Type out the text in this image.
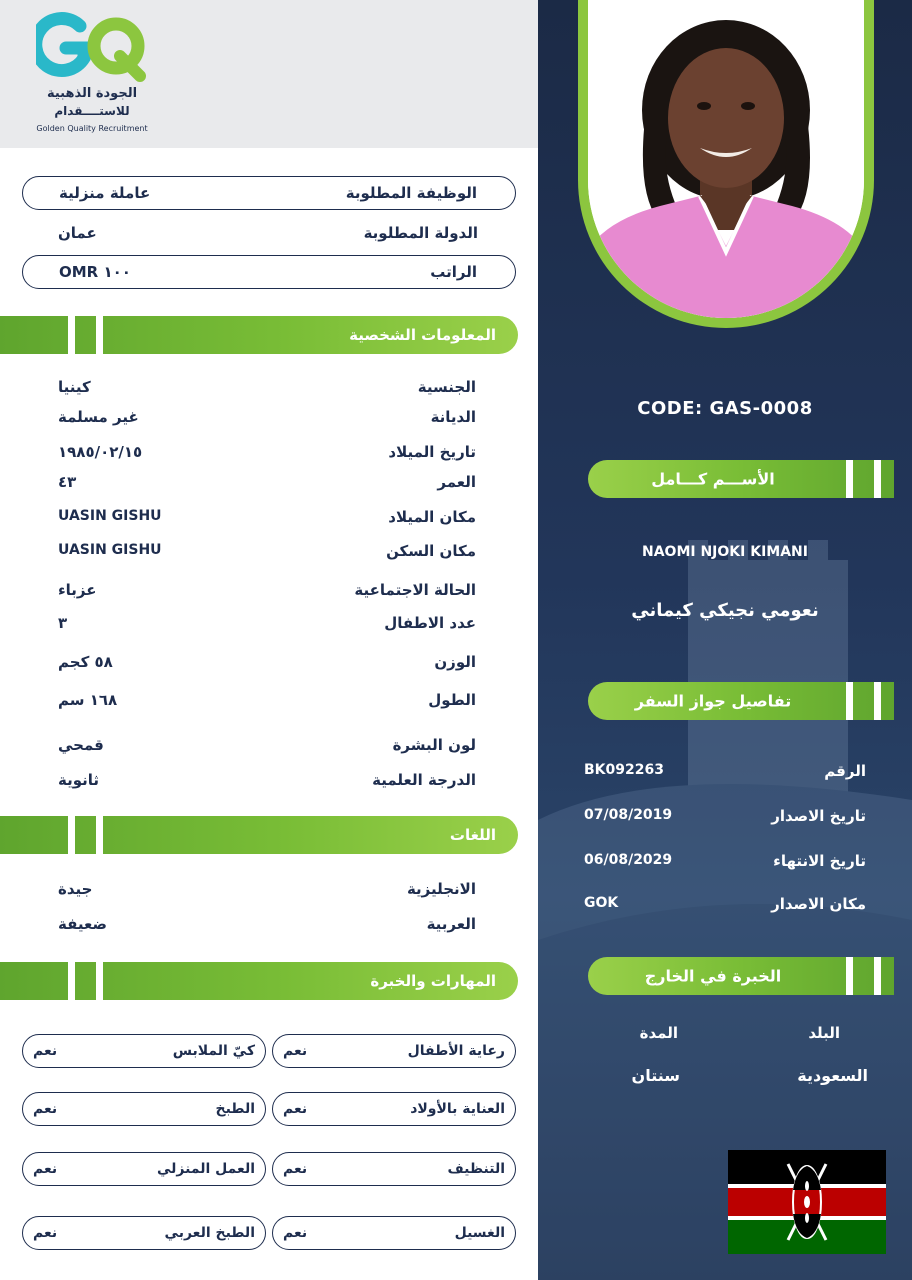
الجودة الذهبية
للاستــــقدام
Golden Quality Recruitment
الوظيفة المطلوبة
عاملة منزلية
الدولة المطلوبة
عمان
الراتب
OMR ١٠٠
المعلومات الشخصية
الجنسية
كينيا
الديانة
غير مسلمة
تاريخ الميلاد
١٩٨٥/٠٢/١٥
العمر
٤٣
مكان الميلاد
UASIN GISHU
مكان السكن
UASIN GISHU
الحالة الاجتماعية
عزباء
عدد الاطفال
٣
الوزن
٥٨ كجم
الطول
١٦٨ سم
لون البشرة
قمحي
الدرجة العلمية
ثانوية
اللغات
الانجليزية
جيدة
العربية
ضعيفة
المهارات والخبرة
رعاية الأطفال
نعم
كيّ الملابس
نعم
العناية بالأولاد
نعم
الطبخ
نعم
التنظيف
نعم
العمل المنزلي
نعم
الغسيل
نعم
الطبخ العربي
نعم
CODE: GAS-0008
الأســـم كـــامل
NAOMI NJOKI KIMANI
نعومي نجيكي كيماني
تفاصيل جواز السفر
الرقم
BK092263
تاريخ الاصدار
07/08/2019
تاريخ الانتهاء
06/08/2029
مكان الاصدار
GOK
الخبرة في الخارج
البلد
المدة
السعودية
سنتان
